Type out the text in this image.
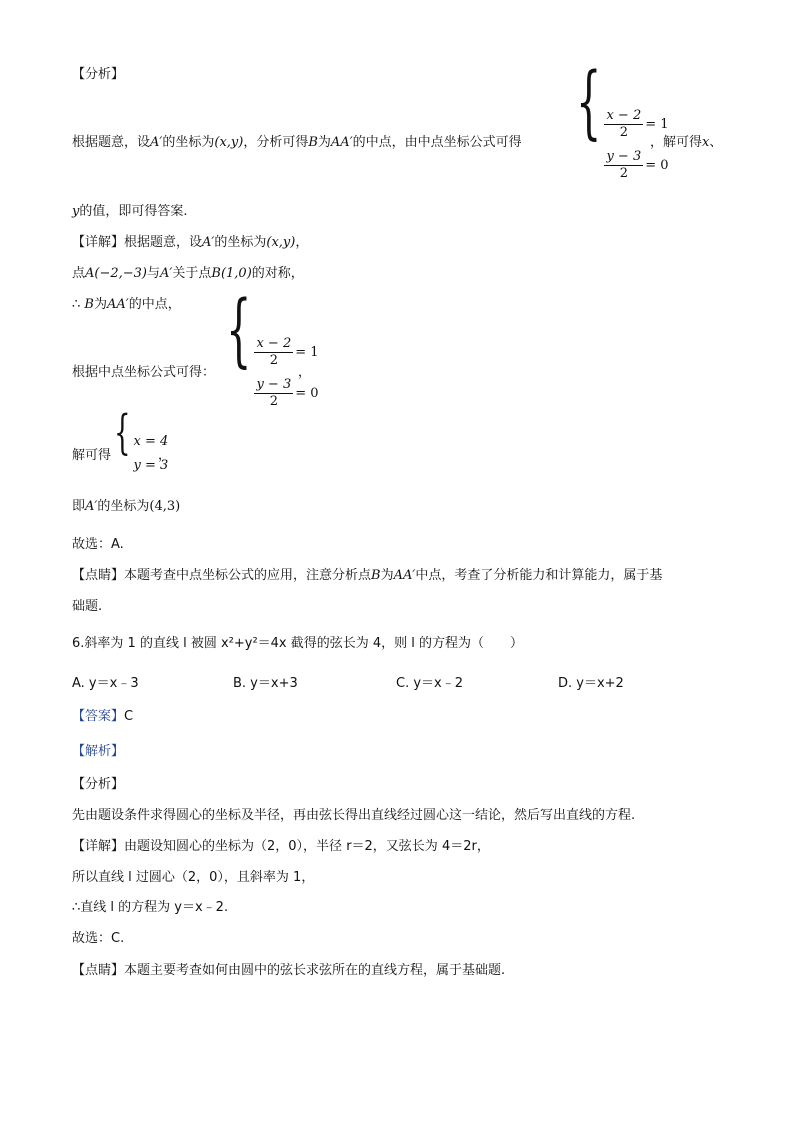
【分析】
根据题意，设A′的坐标为(x,y)，分析可得B为AA′的中点，由中点坐标公式可得 { $\frac{x - 2}{2} = 1$
$\frac{y - 3}{2} = 0$
，解可得x、
y的值，即可得答案.
【详解】根据题意，设A′的坐标为(x,y)，
点A(−2,−3)与A′关于点B(1,0)的对称，
∴ B为AA′的中点，
根据中点坐标公式可得： { $\frac{x - 2}{2} = 1$
$\frac{y - 3}{2} = 0$
，
解可得 { x = 4
y = 3
，
即A′的坐标为(4,3)
故选：A.
【点睛】本题考查中点坐标公式的应用，注意分析点B为AA′中点，考查了分析能力和计算能力，属于基
础题.
6.斜率为 1 的直线 l 被圆 x²+y²＝4x 截得的弦长为 4，则 l 的方程为（　　）
A. y＝x﹣3	B. y＝x+3	C. y＝x﹣2	D. y＝x+2
【答案】C
【解析】
【分析】
先由题设条件求得圆心的坐标及半径，再由弦长得出直线经过圆心这一结论，然后写出直线的方程.
【详解】由题设知圆心的坐标为（2，0），半径 r＝2，又弦长为 4＝2r，
所以直线 l 过圆心（2，0），且斜率为 1，
∴直线 l 的方程为 y＝x﹣2.
故选：C.
【点睛】本题主要考查如何由圆中的弦长求弦所在的直线方程，属于基础题.
